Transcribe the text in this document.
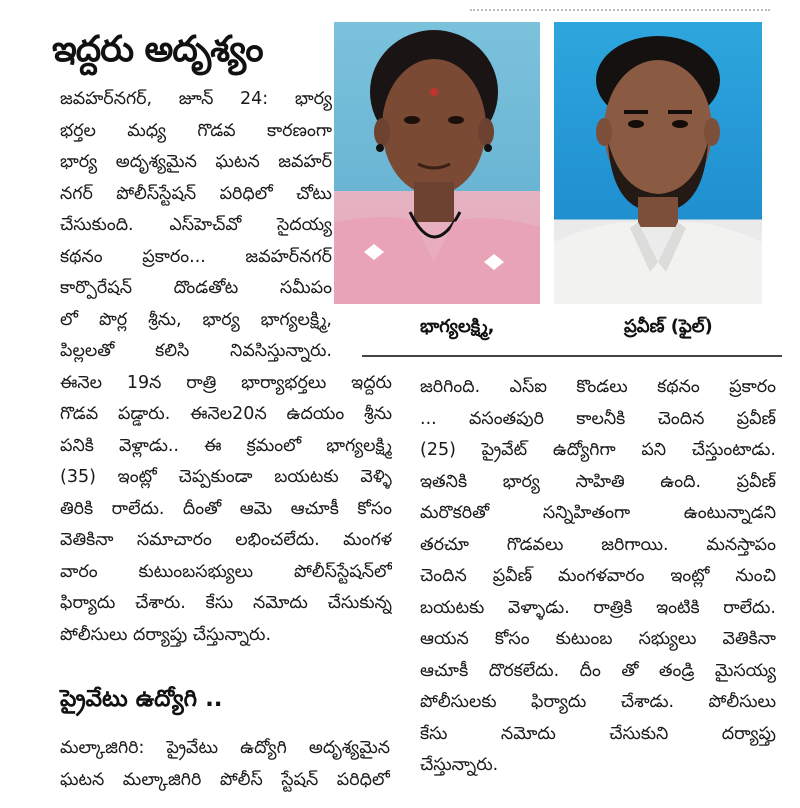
ఇద్దరు అదృశ్యం
భాగ్యలక్ష్మి,	ప్రవీణ్ (ఫైల్)
జవహర్‌నగర్, జూన్ 24: భార్య
భర్తల మధ్య గొడవ కారణంగా
భార్య అదృశ్యమైన ఘటన జవహర్
నగర్ పోలీస్‌స్టేషన్ పరిధిలో చోటు
చేసుకుంది. ఎస్‌హెచ్‌వో సైదయ్య
కథనం ప్రకారం... జవహర్‌నగర్
కార్పొరేషన్ దొండతోట సమీపం
లో పొర్ల శ్రీను, భార్య భాగ్యలక్ష్మి,
పిల్లలతో కలిసి నివసిస్తున్నారు.
ఈనెల 19న రాత్రి భార్యాభర్తలు ఇద్దరు
గొడవ పడ్డారు. ఈనెల20న ఉదయం శ్రీను
పనికి వెళ్లాడు.. ఈ క్రమంలో భాగ్యలక్ష్మి
(35) ఇంట్లో చెప్పకుండా బయటకు వెళ్ళి
తిరికి రాలేదు. దీంతో ఆమె ఆచూకీ కోసం
వెతికినా సమాచారం లభించలేదు. మంగళ
వారం కుటుంబసభ్యులు పోలీస్‌స్టేషన్‌లో
ఫిర్యాదు చేశారు. కేసు నమోదు చేసుకున్న
పోలీసులు దర్యాప్తు చేస్తున్నారు.
ప్రైవేటు ఉద్యోగి ..
మల్కాజిగిరి: ప్రైవేటు ఉద్యోగి అదృశ్యమైన
ఘటన మల్కాజిగిరి పోలీస్ స్టేషన్ పరిధిలో
జరిగింది. ఎస్ఐ కొండలు కథనం ప్రకారం
... వసంతపురి కాలనీకి చెందిన ప్రవీణ్
(25) ప్రైవేట్ ఉద్యోగిగా పని చేస్తుంటాడు.
ఇతనికి భార్య సాహితి ఉంది. ప్రవీణ్
మరొకరితో సన్నిహితంగా ఉంటున్నాడని
తరచూ గొడవలు జరిగాయి. మనస్తాపం
చెందిన ప్రవీణ్ మంగళవారం ఇంట్లో నుంచి
బయటకు వెళ్ళాడు. రాత్రికి ఇంటికి రాలేదు.
ఆయన కోసం కుటుంబ సభ్యులు వెతికినా
ఆచూకీ దొరకలేదు. దీం తో తండ్రి మైసయ్య
పోలీసులకు ఫిర్యాదు చేశాడు. పోలీసులు
కేసు నమోదు చేసుకుని దర్యాప్తు
చేస్తున్నారు.
